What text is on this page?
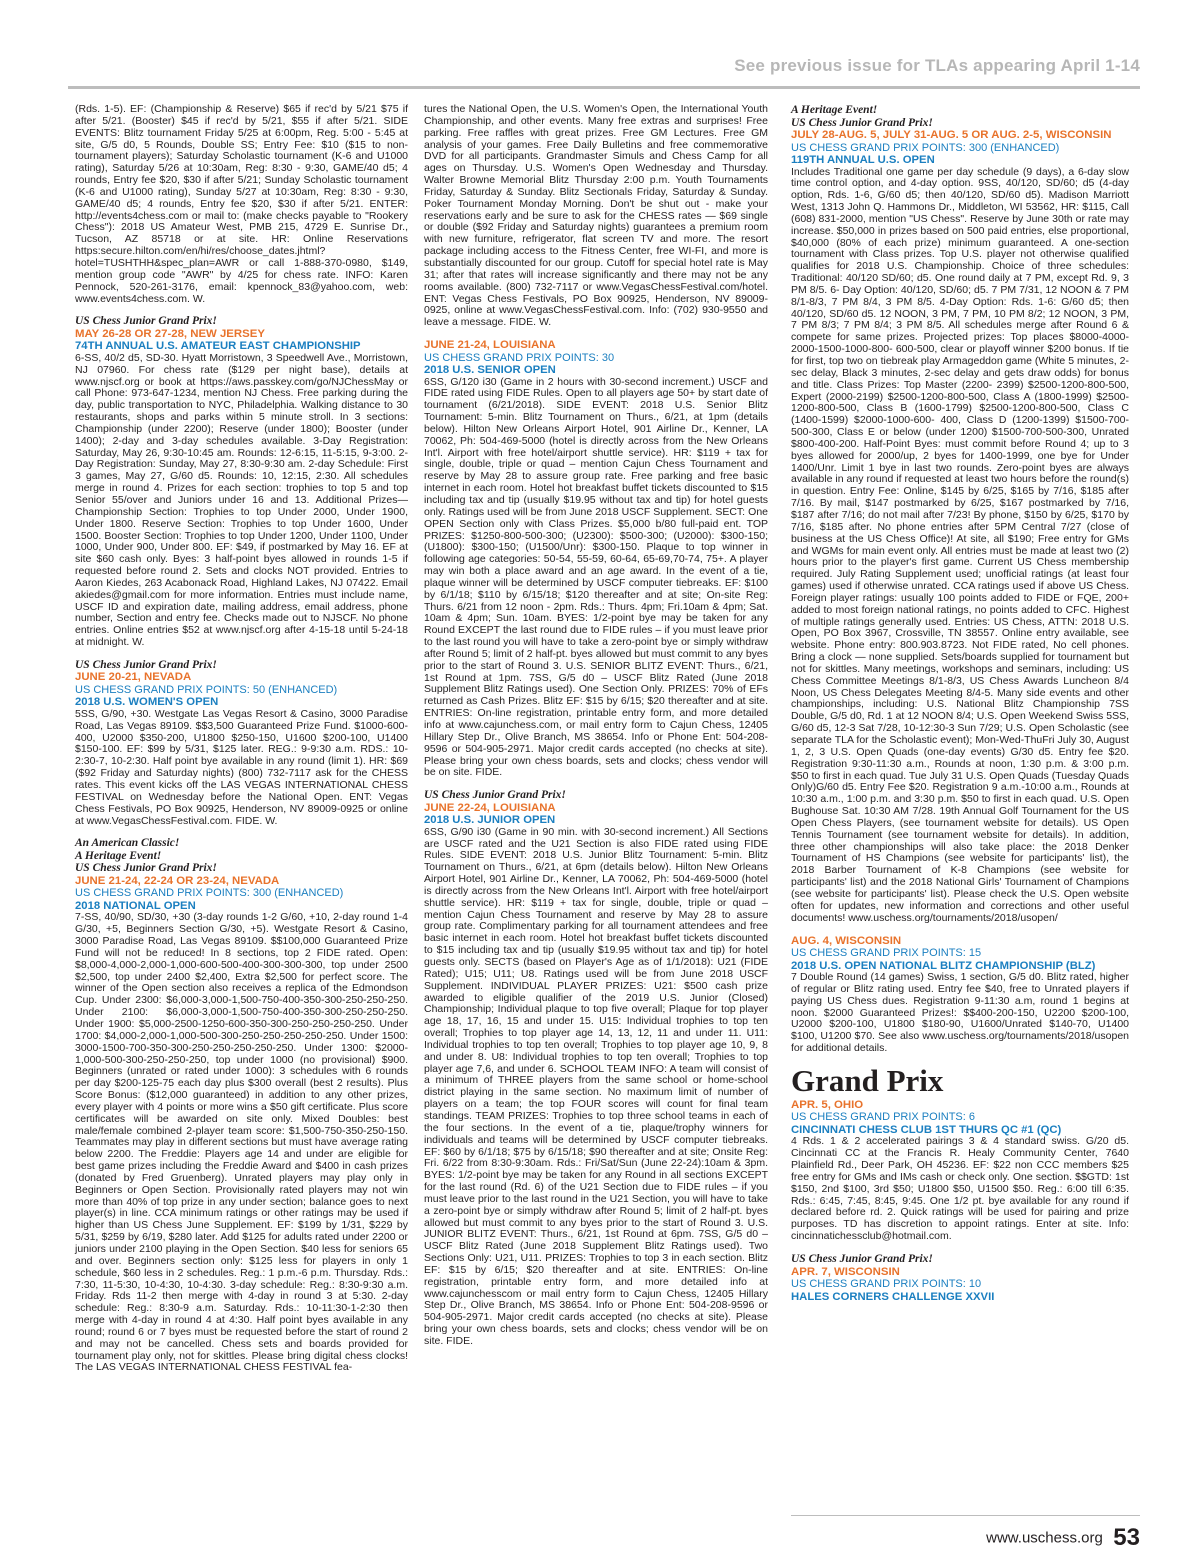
See previous issue for TLAs appearing April 1-14

(Rds. 1-5). EF: (Championship & Reserve) $65 if rec'd by 5/21 $75 if after 5/21. (Booster) $45 if rec'd by 5/21, $55 if after 5/21. SIDE EVENTS: Blitz tournament Friday 5/25 at 6:00pm, Reg. 5:00 - 5:45 at site, G/5 d0, 5 Rounds, Double SS; Entry Fee: $10 ($15 to non-tournament players); Saturday Scholastic tournament (K-6 and U1000 rating), Saturday 5/26 at 10:30am, Reg: 8:30 - 9:30, GAME/40 d5; 4 rounds, Entry fee $20, $30 if after 5/21; Sunday Scholastic tournament (K-6 and U1000 rating), Sunday 5/27 at 10:30am, Reg: 8:30 - 9:30, GAME/40 d5; 4 rounds, Entry fee $20, $30 if after 5/21. ENTER: http://events4chess.com or mail to: (make checks payable to "Rookery Chess"): 2018 US Amateur West, PMB 215, 4729 E. Sunrise Dr., Tucson, AZ 85718 or at site. HR: Online Reservations https:secure.hilton.com/en/hi/res/choose_dates.jhtml?hotel=TUSHTHH&spec_plan=AWR or call 1-888-370-0980, $149, mention group code "AWR" by 4/25 for chess rate. INFO: Karen Pennock, 520-261-3176, email: kpennock_83@yahoo.com, web: www.events4chess.com. W.

US Chess Junior Grand Prix!

MAY 26-28 OR 27-28, NEW JERSEY

74TH ANNUAL U.S. AMATEUR EAST CHAMPIONSHIP

6-SS, 40/2 d5, SD-30. Hyatt Morristown, 3 Speedwell Ave., Morristown, NJ 07960. For chess rate ($129 per night base), details at www.njscf.org or book at https://aws.passkey.com/go/NJChessMay or call Phone: 973-647-1234, mention NJ Chess. Free parking during the day, public transportation to NYC, Philadelphia. Walking distance to 30 restaurants, shops and parks within 5 minute stroll. In 3 sections: Championship (under 2200); Reserve (under 1800); Booster (under 1400); 2-day and 3-day schedules available. 3-Day Registration: Saturday, May 26, 9:30-10:45 am. Rounds: 12-6:15, 11-5:15, 9-3:00. 2-Day Registration: Sunday, May 27, 8:30-9:30 am. 2-day Schedule: First 3 games, May 27, G/60 d5. Rounds: 10, 12:15, 2:30. All schedules merge in round 4. Prizes for each section: trophies to top 5 and top Senior 55/over and Juniors under 16 and 13. Additional Prizes—Championship Section: Trophies to top Under 2000, Under 1900, Under 1800. Reserve Section: Trophies to top Under 1600, Under 1500. Booster Section: Trophies to top Under 1200, Under 1100, Under 1000, Under 900, Under 800. EF: $49, if postmarked by May 16. EF at site $60 cash only. Byes: 3 half-point byes allowed in rounds 1-5 if requested before round 2. Sets and clocks NOT provided. Entries to Aaron Kiedes, 263 Acabonack Road, Highland Lakes, NJ 07422. Email akiedes@gmail.com for more information. Entries must include name, USCF ID and expiration date, mailing address, email address, phone number, Section and entry fee. Checks made out to NJSCF. No phone entries. Online entries $52 at www.njscf.org after 4-15-18 until 5-24-18 at midnight. W.

US Chess Junior Grand Prix!

JUNE 20-21, NEVADA

US CHESS GRAND PRIX POINTS: 50 (ENHANCED)

2018 U.S. WOMEN'S OPEN

5SS, G/90, +30. Westgate Las Vegas Resort & Casino, 3000 Paradise Road, Las Vegas 89109. $$3,500 Guaranteed Prize Fund. $1000-600-400, U2000 $350-200, U1800 $250-150, U1600 $200-100, U1400 $150-100. EF: $99 by 5/31, $125 later. REG.: 9-9:30 a.m. RDS.: 10-2:30-7, 10-2:30. Half point bye available in any round (limit 1). HR: $69 ($92 Friday and Saturday nights) (800) 732-7117 ask for the CHESS rates. This event kicks off the LAS VEGAS INTERNATIONAL CHESS FESTIVAL on Wednesday before the National Open. ENT: Vegas Chess Festivals, PO Box 90925, Henderson, NV 89009-0925 or online at www.VegasChessFestival.com. FIDE. W.

An American Classic!

A Heritage Event!

US Chess Junior Grand Prix!

JUNE 21-24, 22-24 OR 23-24, NEVADA

US CHESS GRAND PRIX POINTS: 300 (ENHANCED)

2018 NATIONAL OPEN

7-SS, 40/90, SD/30, +30 (3-day rounds 1-2 G/60, +10, 2-day round 1-4 G/30, +5, Beginners Section G/30, +5). Westgate Resort & Casino, 3000 Paradise Road, Las Vegas 89109. $$100,000 Guaranteed Prize Fund will not be reduced! In 8 sections, top 2 FIDE rated. Open: $8,000-4,000-2,000-1,000-600-500-400-300-300-300, top under 2500 $2,500, top under 2400 $2,400, Extra $2,500 for perfect score. The winner of the Open section also receives a replica of the Edmondson Cup. Under 2300: $6,000-3,000-1,500-750-400-350-300-250-250-250. Under 2100: $6,000-3,000-1,500-750-400-350-300-250-250-250. Under 1900: $5,000-2500-1250-600-350-300-250-250-250-250. Under 1700: $4,000-2,000-1,000-500-300-250-250-250-250-250. Under 1500: 3000-1500-700-350-300-250-250-250-250-250. Under 1300: $2000-1,000-500-300-250-250-250, top under 1000 (no provisional) $900. Beginners (unrated or rated under 1000): 3 schedules with 6 rounds per day $200-125-75 each day plus $300 overall (best 2 results). Plus Score Bonus: ($12,000 guaranteed) in addition to any other prizes, every player with 4 points or more wins a $50 gift certificate. Plus score certificates will be awarded on site only. Mixed Doubles: best male/female combined 2-player team score: $1,500-750-350-250-150. Teammates may play in different sections but must have average rating below 2200. The Freddie: Players age 14 and under are eligible for best game prizes including the Freddie Award and $400 in cash prizes (donated by Fred Gruenberg). Unrated players may play only in Beginners or Open Section. Provisionally rated players may not win more than 40% of top prize in any under section; balance goes to next player(s) in line. CCA minimum ratings or other ratings may be used if higher than US Chess June Supplement. EF: $199 by 1/31, $229 by 5/31, $259 by 6/19, $280 later. Add $125 for adults rated under 2200 or juniors under 2100 playing in the Open Section. $40 less for seniors 65 and over. Beginners section only: $125 less for players in only 1 schedule, $60 less in 2 schedules. Reg.: 1 p.m.-6 p.m. Thursday. Rds.: 7:30, 11-5:30, 10-4:30, 10-4:30. 3-day schedule: Reg.: 8:30-9:30 a.m. Friday. Rds 11-2 then merge with 4-day in round 3 at 5:30. 2-day schedule: Reg.: 8:30-9 a.m. Saturday. Rds.: 10-11:30-1-2:30 then merge with 4-day in round 4 at 4:30. Half point byes available in any round; round 6 or 7 byes must be requested before the start of round 2 and may not be cancelled. Chess sets and boards provided for tournament play only, not for skittles. Please bring digital chess clocks! The LAS VEGAS INTERNATIONAL CHESS FESTIVAL fea-

tures the National Open, the U.S. Women's Open, the International Youth Championship, and other events. Many free extras and surprises! Free parking. Free raffles with great prizes. Free GM Lectures. Free GM analysis of your games. Free Daily Bulletins and free commemorative DVD for all participants. Grandmaster Simuls and Chess Camp for all ages on Thursday. U.S. Women's Open Wednesday and Thursday. Walter Browne Memorial Blitz Thursday 2:00 p.m. Youth Tournaments Friday, Saturday & Sunday. Blitz Sectionals Friday, Saturday & Sunday. Poker Tournament Monday Morning. Don't be shut out - make your reservations early and be sure to ask for the CHESS rates — $69 single or double ($92 Friday and Saturday nights) guarantees a premium room with new furniture, refrigerator, flat screen TV and more. The resort package including access to the Fitness Center, free WI-FI, and more is substantially discounted for our group. Cutoff for special hotel rate is May 31; after that rates will increase significantly and there may not be any rooms available. (800) 732-7117 or www.VegasChessFestival.com/hotel. ENT: Vegas Chess Festivals, PO Box 90925, Henderson, NV 89009-0925, online at www.VegasChessFestival.com. Info: (702) 930-9550 and leave a message. FIDE. W.

JUNE 21-24, LOUISIANA

US CHESS GRAND PRIX POINTS: 30

2018 U.S. SENIOR OPEN

6SS, G/120 i30 (Game in 2 hours with 30-second increment.) USCF and FIDE rated using FIDE Rules. Open to all players age 50+ by start date of tournament (6/21/2018). SIDE EVENT: 2018 U.S. Senior Blitz Tournament: 5-min. Blitz Tournament on Thurs., 6/21, at 1pm (details below). Hilton New Orleans Airport Hotel, 901 Airline Dr., Kenner, LA 70062, Ph: 504-469-5000 (hotel is directly across from the New Orleans Int'l. Airport with free hotel/airport shuttle service). HR: $119 + tax for single, double, triple or quad – mention Cajun Chess Tournament and reserve by May 28 to assure group rate. Free parking and free basic internet in each room. Hotel hot breakfast buffet tickets discounted to $15 including tax and tip (usually $19.95 without tax and tip) for hotel guests only. Ratings used will be from June 2018 USCF Supplement. SECT: One OPEN Section only with Class Prizes. $5,000 b/80 full-paid ent. TOP PRIZES: $1250-800-500-300; (U2300): $500-300; (U2000): $300-150; (U1800): $300-150; (U1500/Unr): $300-150. Plaque to top winner in following age categories: 50-54, 55-59, 60-64, 65-69,70-74, 75+. A player may win both a place award and an age award. In the event of a tie, plaque winner will be determined by USCF computer tiebreaks. EF: $100 by 6/1/18; $110 by 6/15/18; $120 thereafter and at site; On-site Reg: Thurs. 6/21 from 12 noon - 2pm. Rds.: Thurs. 4pm; Fri.10am & 4pm; Sat. 10am & 4pm; Sun. 10am. BYES: 1/2-point bye may be taken for any Round EXCEPT the last round due to FIDE rules – if you must leave prior to the last round you will have to take a zero-point bye or simply withdraw after Round 5; limit of 2 half-pt. byes allowed but must commit to any byes prior to the start of Round 3. U.S. SENIOR BLITZ EVENT: Thurs., 6/21, 1st Round at 1pm. 7SS, G/5 d0 – USCF Blitz Rated (June 2018 Supplement Blitz Ratings used). One Section Only. PRIZES: 70% of EFs returned as Cash Prizes. Blitz EF: $15 by 6/15; $20 thereafter and at site. ENTRIES: On-line registration, printable entry form, and more detailed info at www.cajunchess.com, or mail entry form to Cajun Chess, 12405 Hillary Step Dr., Olive Branch, MS 38654. Info or Phone Ent: 504-208-9596 or 504-905-2971. Major credit cards accepted (no checks at site). Please bring your own chess boards, sets and clocks; chess vendor will be on site. FIDE.

US Chess Junior Grand Prix!

JUNE 22-24, LOUISIANA

2018 U.S. JUNIOR OPEN

6SS, G/90 i30 (Game in 90 min. with 30-second increment.) All Sections are USCF rated and the U21 Section is also FIDE rated using FIDE Rules. SIDE EVENT: 2018 U.S. Junior Blitz Tournament: 5-min. Blitz Tournament on Thurs., 6/21, at 6pm (details below). Hilton New Orleans Airport Hotel, 901 Airline Dr., Kenner, LA 70062, Ph: 504-469-5000 (hotel is directly across from the New Orleans Int'l. Airport with free hotel/airport shuttle service). HR: $119 + tax for single, double, triple or quad – mention Cajun Chess Tournament and reserve by May 28 to assure group rate. Complimentary parking for all tournament attendees and free basic internet in each room. Hotel hot breakfast buffet tickets discounted to $15 including tax and tip (usually $19.95 without tax and tip) for hotel guests only. SECTS (based on Player's Age as of 1/1/2018): U21 (FIDE Rated); U15; U11; U8. Ratings used will be from June 2018 USCF Supplement. INDIVIDUAL PLAYER PRIZES: U21: $500 cash prize awarded to eligible qualifier of the 2019 U.S. Junior (Closed) Championship; Individual plaque to top five overall; Plaque for top player age 18, 17, 16, 15 and under 15. U15: Individual trophies to top ten overall; Trophies to top player age 14, 13, 12, 11 and under 11. U11: Individual trophies to top ten overall; Trophies to top player age 10, 9, 8 and under 8. U8: Individual trophies to top ten overall; Trophies to top player age 7,6, and under 6. SCHOOL TEAM INFO: A team will consist of a minimum of THREE players from the same school or home-school district playing in the same section. No maximum limit of number of players on a team; the top FOUR scores will count for final team standings. TEAM PRIZES: Trophies to top three school teams in each of the four sections. In the event of a tie, plaque/trophy winners for individuals and teams will be determined by USCF computer tiebreaks. EF: $60 by 6/1/18; $75 by 6/15/18; $90 thereafter and at site; Onsite Reg: Fri. 6/22 from 8:30-9:30am. Rds.: Fri/Sat/Sun (June 22-24):10am & 3pm. BYES: 1/2-point bye may be taken for any Round in all sections EXCEPT for the last round (Rd. 6) of the U21 Section due to FIDE rules – if you must leave prior to the last round in the U21 Section, you will have to take a zero-point bye or simply withdraw after Round 5; limit of 2 half-pt. byes allowed but must commit to any byes prior to the start of Round 3. U.S. JUNIOR BLITZ EVENT: Thurs., 6/21, 1st Round at 6pm. 7SS, G/5 d0 – USCF Blitz Rated (June 2018 Supplement Blitz Ratings used). Two Sections Only: U21, U11. PRIZES: Trophies to top 3 in each section. Blitz EF: $15 by 6/15; $20 thereafter and at site. ENTRIES: On-line registration, printable entry form, and more detailed info at www.cajunchesscom or mail entry form to Cajun Chess, 12405 Hillary Step Dr., Olive Branch, MS 38654. Info or Phone Ent: 504-208-9596 or 504-905-2971. Major credit cards accepted (no checks at site). Please bring your own chess boards, sets and clocks; chess vendor will be on site. FIDE.

A Heritage Event!

US Chess Junior Grand Prix!

JULY 28-AUG. 5, JULY 31-AUG. 5 OR AUG. 2-5, WISCONSIN

US CHESS GRAND PRIX POINTS: 300 (ENHANCED)

119TH ANNUAL U.S. OPEN

Includes Traditional one game per day schedule (9 days), a 6-day slow time control option, and 4-day option. 9SS, 40/120, SD/60; d5 (4-day option, Rds. 1-6, G/60 d5; then 40/120, SD/60 d5). Madison Marriott West, 1313 John Q. Hammons Dr., Middleton, WI 53562, HR: $115, Call (608) 831-2000, mention "US Chess". Reserve by June 30th or rate may increase. $50,000 in prizes based on 500 paid entries, else proportional, $40,000 (80% of each prize) minimum guaranteed. A one-section tournament with Class prizes. Top U.S. player not otherwise qualified qualifies for 2018 U.S. Championship. Choice of three schedules: Traditional: 40/120 SD/60; d5. One round daily at 7 PM, except Rd. 9, 3 PM 8/5. 6- Day Option: 40/120, SD/60; d5. 7 PM 7/31, 12 NOON & 7 PM 8/1-8/3, 7 PM 8/4, 3 PM 8/5. 4-Day Option: Rds. 1-6: G/60 d5; then 40/120, SD/60 d5. 12 NOON, 3 PM, 7 PM, 10 PM 8/2; 12 NOON, 3 PM, 7 PM 8/3; 7 PM 8/4; 3 PM 8/5. All schedules merge after Round 6 & compete for same prizes. Projected prizes: Top places $8000-4000-2000-1500-1000-800- 600-500, clear or playoff winner $200 bonus. If tie for first, top two on tiebreak play Armageddon game (White 5 minutes, 2-sec delay, Black 3 minutes, 2-sec delay and gets draw odds) for bonus and title. Class Prizes: Top Master (2200- 2399) $2500-1200-800-500, Expert (2000-2199) $2500-1200-800-500, Class A (1800-1999) $2500-1200-800-500, Class B (1600-1799) $2500-1200-800-500, Class C (1400-1599) $2000-1000-600- 400, Class D (1200-1399) $1500-700-500-300, Class E or below (under 1200) $1500-700-500-300, Unrated $800-400-200. Half-Point Byes: must commit before Round 4; up to 3 byes allowed for 2000/up, 2 byes for 1400-1999, one bye for Under 1400/Unr. Limit 1 bye in last two rounds. Zero-point byes are always available in any round if requested at least two hours before the round(s) in question. Entry Fee: Online, $145 by 6/25, $165 by 7/16, $185 after 7/16. By mail, $147 postmarked by 6/25, $167 postmarked by 7/16, $187 after 7/16; do not mail after 7/23! By phone, $150 by 6/25, $170 by 7/16, $185 after. No phone entries after 5PM Central 7/27 (close of business at the US Chess Office)! At site, all $190; Free entry for GMs and WGMs for main event only. All entries must be made at least two (2) hours prior to the player's first game. Current US Chess membership required. July Rating Supplement used; unofficial ratings (at least four games) used if otherwise unrated. CCA ratings used if above US Chess. Foreign player ratings: usually 100 points added to FIDE or FQE, 200+ added to most foreign national ratings, no points added to CFC. Highest of multiple ratings generally used. Entries: US Chess, ATTN: 2018 U.S. Open, PO Box 3967, Crossville, TN 38557. Online entry available, see website. Phone entry: 800.903.8723. Not FIDE rated, No cell phones. Bring a clock — none supplied. Sets/boards supplied for tournament but not for skittles. Many meetings, workshops and seminars, including: US Chess Committee Meetings 8/1-8/3, US Chess Awards Luncheon 8/4 Noon, US Chess Delegates Meeting 8/4-5. Many side events and other championships, including: U.S. National Blitz Championship 7SS Double, G/5 d0, Rd. 1 at 12 NOON 8/4; U.S. Open Weekend Swiss 5SS, G/60 d5, 12-3 Sat 7/28, 10-12:30-3 Sun 7/29; U.S. Open Scholastic (see separate TLA for the Scholastic event); Mon-Wed-ThuFri July 30, August 1, 2, 3 U.S. Open Quads (one-day events) G/30 d5. Entry fee $20. Registration 9:30-11:30 a.m., Rounds at noon, 1:30 p.m. & 3:00 p.m. $50 to first in each quad. Tue July 31 U.S. Open Quads (Tuesday Quads Only)G/60 d5. Entry Fee $20. Registration 9 a.m.-10:00 a.m., Rounds at 10:30 a.m., 1:00 p.m. and 3:30 p.m. $50 to first in each quad. U.S. Open Bughouse Sat. 10:30 AM 7/28. 19th Annual Golf Tournament for the US Open Chess Players, (see tournament website for details). US Open Tennis Tournament (see tournament website for details). In addition, three other championships will also take place: the 2018 Denker Tournament of HS Champions (see website for participants' list), the 2018 Barber Tournament of K-8 Champions (see website for participants' list) and the 2018 National Girls' Tournament of Champions (see website for participants' list). Please check the U.S. Open website often for updates, new information and corrections and other useful documents! www.uschess.org/tournaments/2018/usopen/

AUG. 4, WISCONSIN

US CHESS GRAND PRIX POINTS: 15

2018 U.S. OPEN NATIONAL BLITZ CHAMPIONSHIP (BLZ)

7 Double Round (14 games) Swiss, 1 section, G/5 d0. Blitz rated, higher of regular or Blitz rating used. Entry fee $40, free to Unrated players if paying US Chess dues. Registration 9-11:30 a.m, round 1 begins at noon. $2000 Guaranteed Prizes!: $$400-200-150, U2200 $200-100, U2000 $200-100, U1800 $180-90, U1600/Unrated $140-70, U1400 $100, U1200 $70. See also www.uschess.org/tournaments/2018/usopen for additional details.

Grand Prix

APR. 5, OHIO

US CHESS GRAND PRIX POINTS: 6

CINCINNATI CHESS CLUB 1ST THURS QC #1 (QC)

4 Rds. 1 & 2 accelerated pairings 3 & 4 standard swiss. G/20 d5. Cincinnati CC at the Francis R. Healy Community Center, 7640 Plainfield Rd., Deer Park, OH 45236. EF: $22 non CCC members $25 free entry for GMs and IMs cash or check only. One section. $$GTD: 1st $150, 2nd $100, 3rd $50; U1800 $50, U1500 $50. Reg.: 6:00 till 6:35. Rds.: 6:45, 7:45, 8:45, 9:45. One 1/2 pt. bye available for any round if declared before rd. 2. Quick ratings will be used for pairing and prize purposes. TD has discretion to appoint ratings. Enter at site. Info: cincinnatichessclub@hotmail.com.

US Chess Junior Grand Prix!

APR. 7, WISCONSIN

US CHESS GRAND PRIX POINTS: 10

HALES CORNERS CHALLENGE XXVII

www.uschess.org 53
